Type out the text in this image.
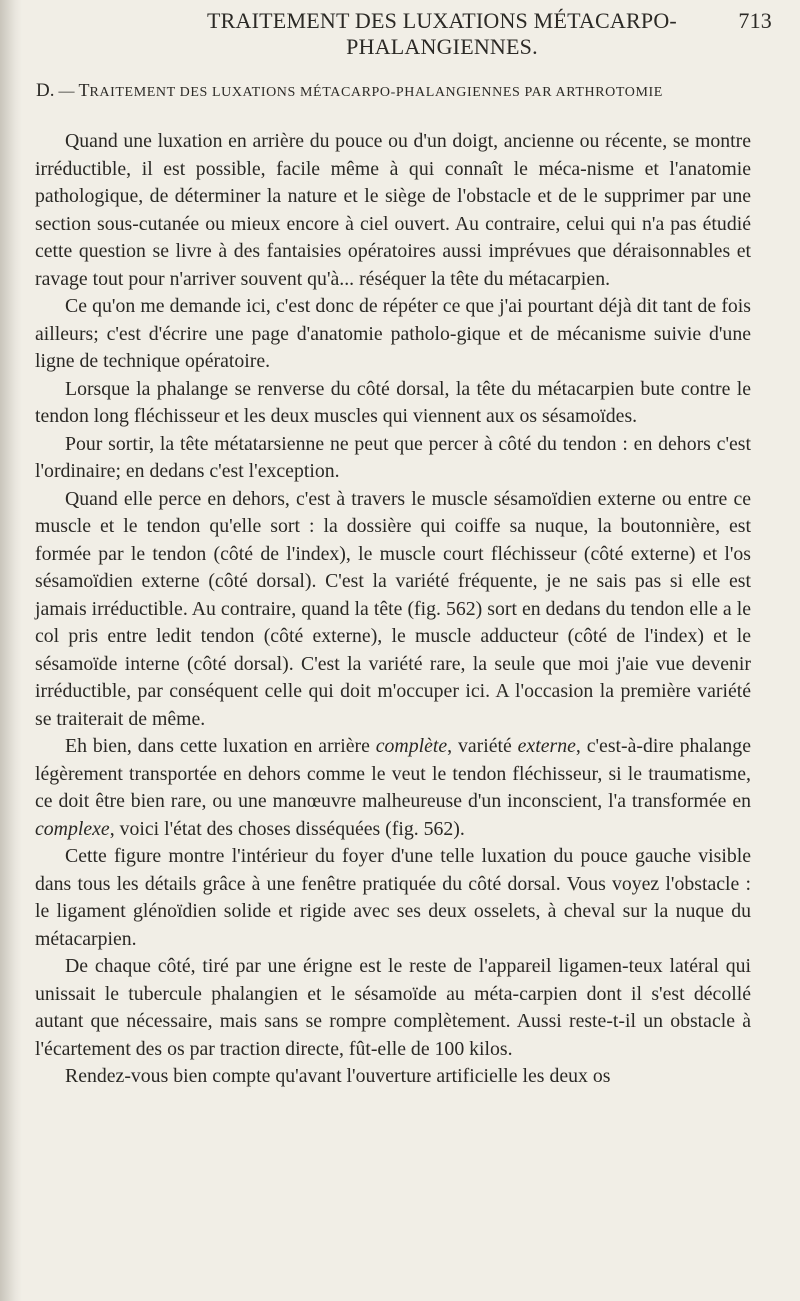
TRAITEMENT DES LUXATIONS MÉTACARPO-PHALANGIENNES.
713
D. — TRAITEMENT DES LUXATIONS MÉTACARPO-PHALANGIENNES PAR ARTHROTOMIE

Quand une luxation en arrière du pouce ou d'un doigt, ancienne ou récente, se montre irréductible, il est possible, facile même à qui connaît le méca-nisme et l'anatomie pathologique, de déterminer la nature et le siège de l'obstacle et de le supprimer par une section sous-cutanée ou mieux encore à ciel ouvert. Au contraire, celui qui n'a pas étudié cette question se livre à des fantaisies opératoires aussi imprévues que déraisonnables et ravage tout pour n'arriver souvent qu'à... réséquer la tête du métacarpien.

Ce qu'on me demande ici, c'est donc de répéter ce que j'ai pourtant déjà dit tant de fois ailleurs; c'est d'écrire une page d'anatomie patholo-gique et de mécanisme suivie d'une ligne de technique opératoire.

Lorsque la phalange se renverse du côté dorsal, la tête du métacarpien bute contre le tendon long fléchisseur et les deux muscles qui viennent aux os sésamoïdes.

Pour sortir, la tête métatarsienne ne peut que percer à côté du tendon : en dehors c'est l'ordinaire; en dedans c'est l'exception.

Quand elle perce en dehors, c'est à travers le muscle sésamoïdien externe ou entre ce muscle et le tendon qu'elle sort : la dossière qui coiffe sa nuque, la boutonnière, est formée par le tendon (côté de l'index), le muscle court fléchisseur (côté externe) et l'os sésamoïdien externe (côté dorsal). C'est la variété fréquente, je ne sais pas si elle est jamais irréductible. Au contraire, quand la tête (fig. 562) sort en dedans du tendon elle a le col pris entre ledit tendon (côté externe), le muscle adducteur (côté de l'index) et le sésamoïde interne (côté dorsal). C'est la variété rare, la seule que moi j'aie vue devenir irréductible, par conséquent celle qui doit m'occuper ici. A l'occasion la première variété se traiterait de même.

Eh bien, dans cette luxation en arrière complète, variété externe, c'est-à-dire phalange légèrement transportée en dehors comme le veut le tendon fléchisseur, si le traumatisme, ce doit être bien rare, ou une manœuvre malheureuse d'un inconscient, l'a transformée en complexe, voici l'état des choses disséquées (fig. 562).

Cette figure montre l'intérieur du foyer d'une telle luxation du pouce gauche visible dans tous les détails grâce à une fenêtre pratiquée du côté dorsal. Vous voyez l'obstacle : le ligament glénoïdien solide et rigide avec ses deux osselets, à cheval sur la nuque du métacarpien.

De chaque côté, tiré par une érigne est le reste de l'appareil ligamen-teux latéral qui unissait le tubercule phalangien et le sésamoïde au méta-carpien dont il s'est décollé autant que nécessaire, mais sans se rompre complètement. Aussi reste-t-il un obstacle à l'écartement des os par traction directe, fût-elle de 100 kilos.

Rendez-vous bien compte qu'avant l'ouverture artificielle les deux os
